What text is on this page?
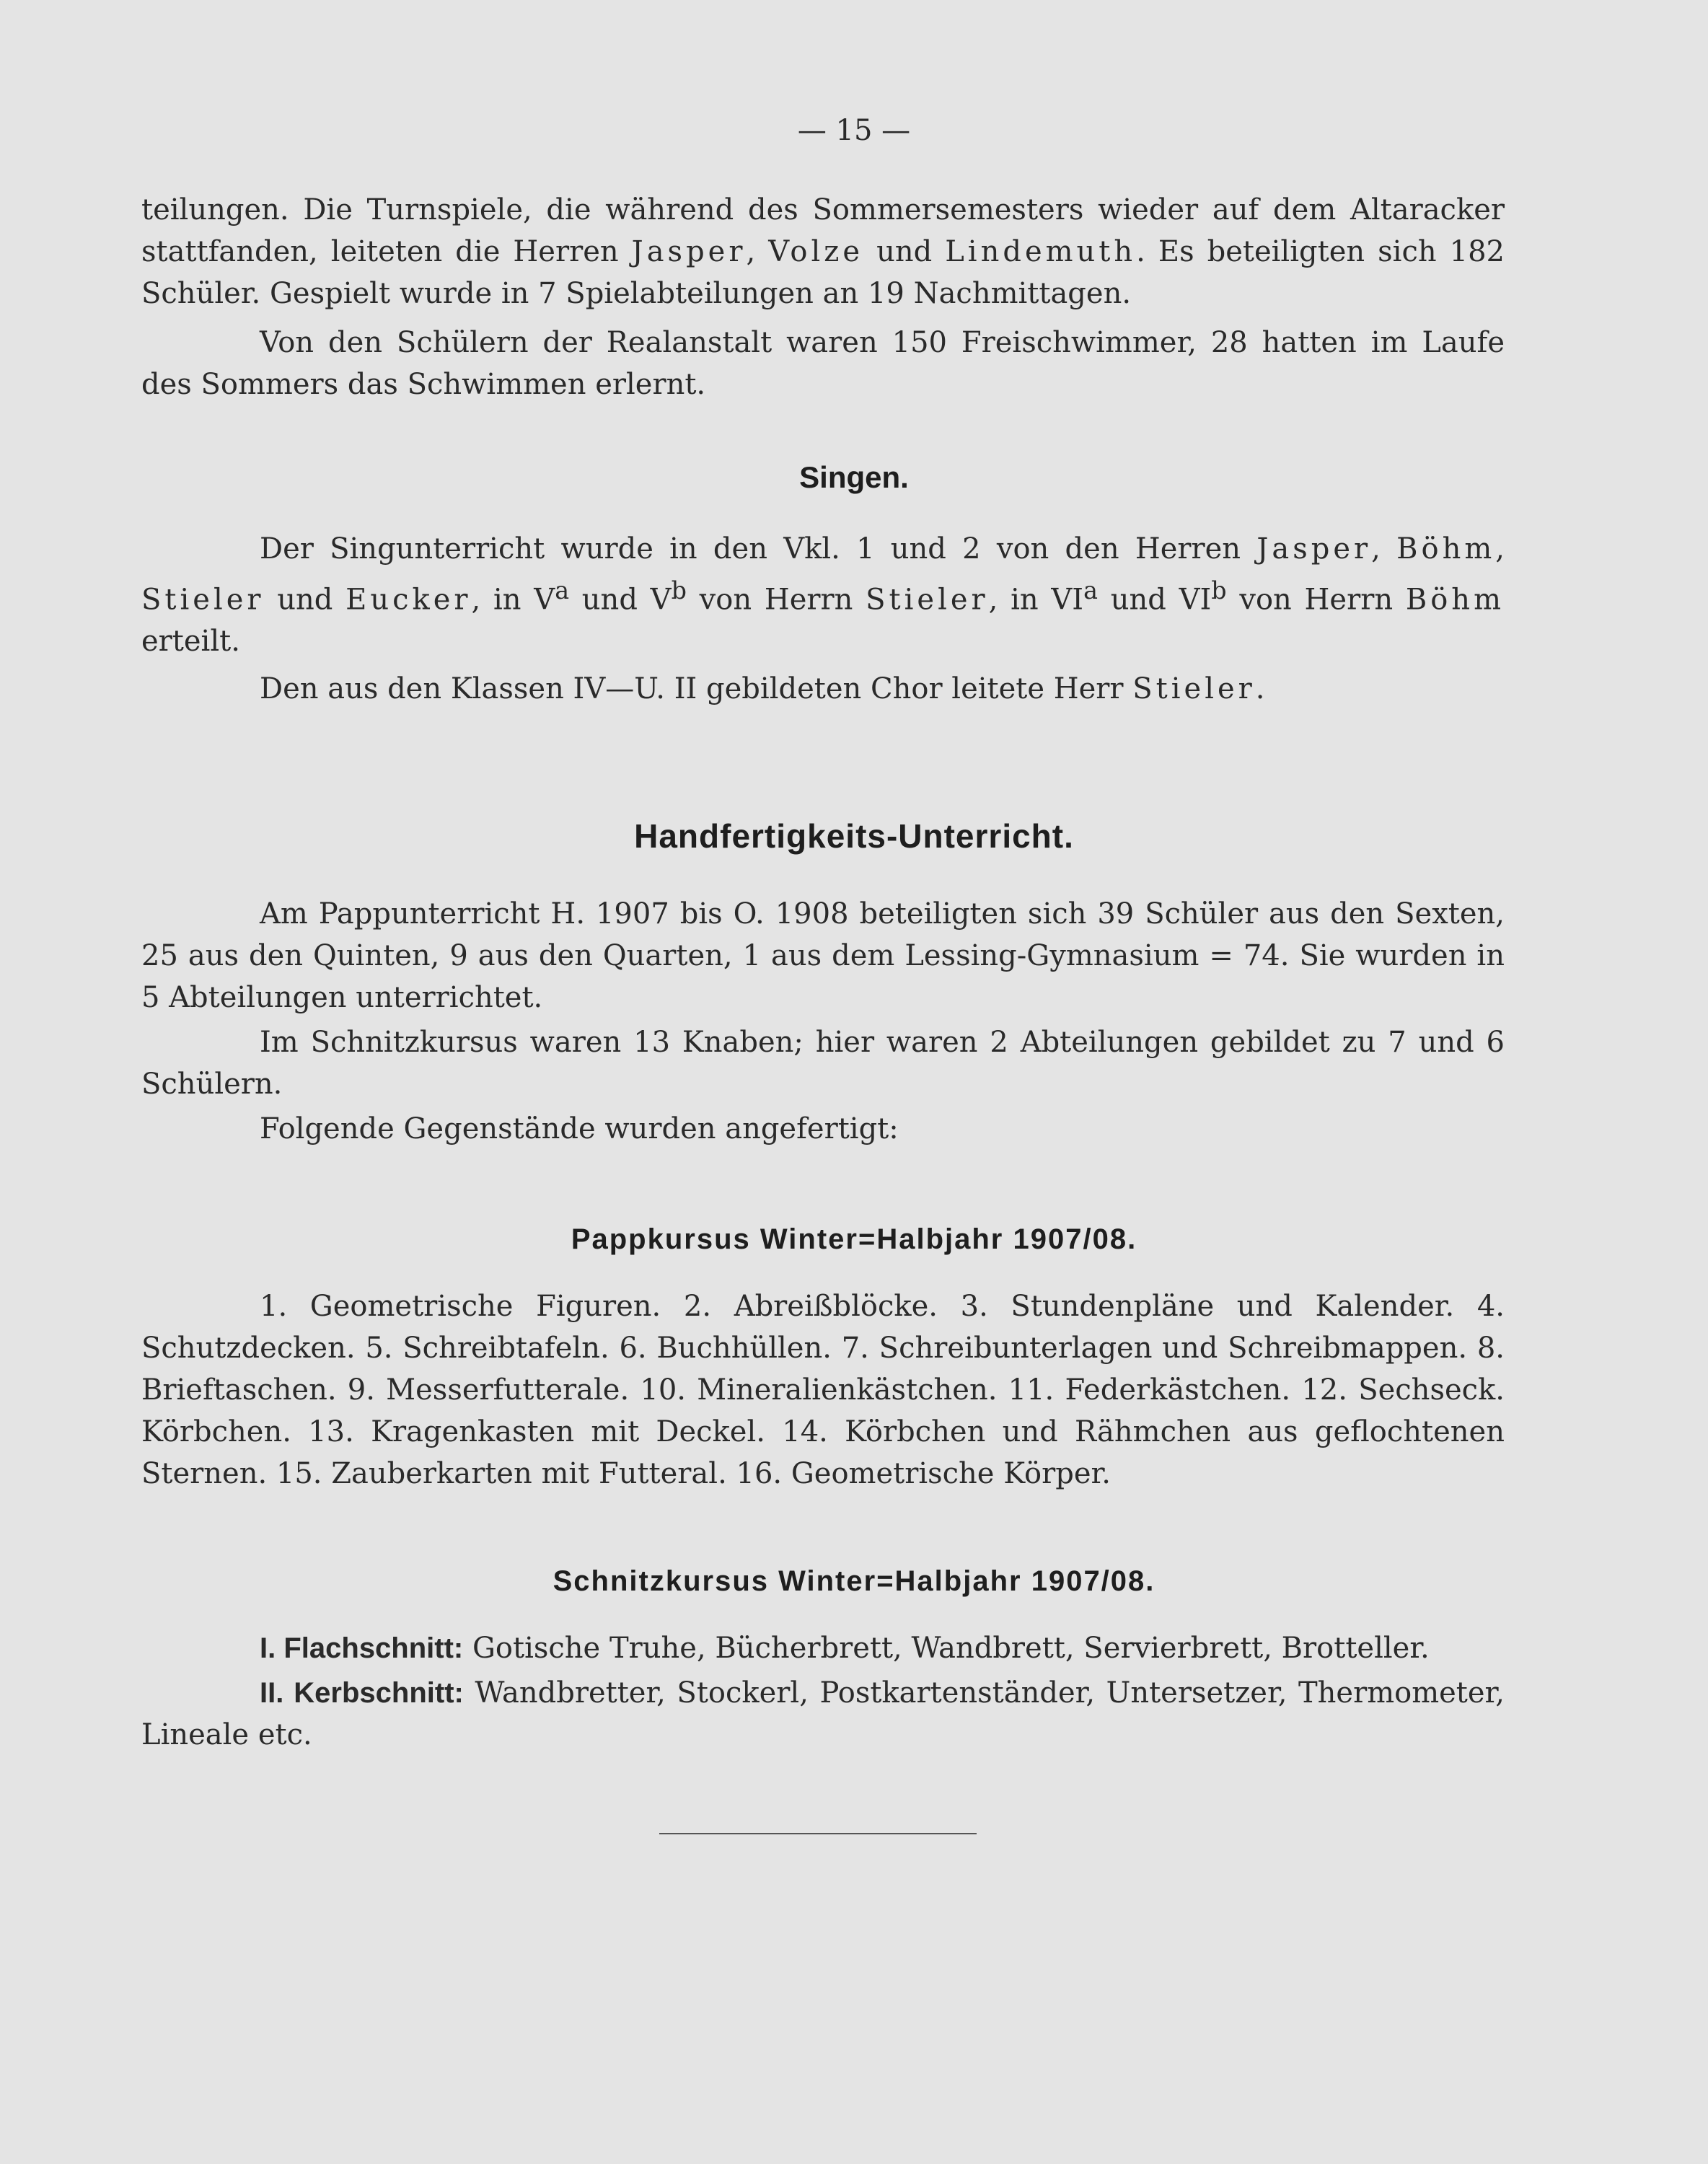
— 15 —

teilungen. Die Turnspiele, die während des Sommersemesters wieder auf dem Altaracker stattfanden, leiteten die Herren Jasper, Volze und Lindemuth. Es beteiligten sich 182 Schüler. Gespielt wurde in 7 Spielabteilungen an 19 Nachmittagen.

Von den Schülern der Realanstalt waren 150 Freischwimmer, 28 hatten im Laufe des Sommers das Schwimmen erlernt.

Singen.

Der Singunterricht wurde in den Vkl. 1 und 2 von den Herren Jasper, Böhm, Stieler und Eucker, in $V^a$ und $V^b$ von Herrn Stieler, in $VI^a$ und $VI^b$ von Herrn Böhm erteilt.

Den aus den Klassen IV—U. II gebildeten Chor leitete Herr Stieler.

Handfertigkeits-Unterricht.

Am Pappunterricht H. 1907 bis O. 1908 beteiligten sich 39 Schüler aus den Sexten, 25 aus den Quinten, 9 aus den Quarten, 1 aus dem Lessing-Gymnasium = 74. Sie wurden in 5 Abteilungen unterrichtet.

Im Schnitzkursus waren 13 Knaben; hier waren 2 Abteilungen gebildet zu 7 und 6 Schülern.

Folgende Gegenstände wurden angefertigt:

Pappkursus Winter=Halbjahr 1907/08.

1. Geometrische Figuren. 2. Abreißblöcke. 3. Stundenpläne und Kalender. 4. Schutzdecken. 5. Schreibtafeln. 6. Buchhüllen. 7. Schreibunterlagen und Schreibmappen. 8. Brieftaschen. 9. Messerfutterale. 10. Mineralienkästchen. 11. Federkästchen. 12. Sechseck. Körbchen. 13. Kragenkasten mit Deckel. 14. Körbchen und Rähmchen aus geflochtenen Sternen. 15. Zauberkarten mit Futteral. 16. Geometrische Körper.

Schnitzkursus Winter=Halbjahr 1907/08.

I. Flachschnitt: Gotische Truhe, Bücherbrett, Wandbrett, Servierbrett, Brotteller.

II. Kerbschnitt: Wandbretter, Stockerl, Postkartenständer, Untersetzer, Thermometer, Lineale etc.
